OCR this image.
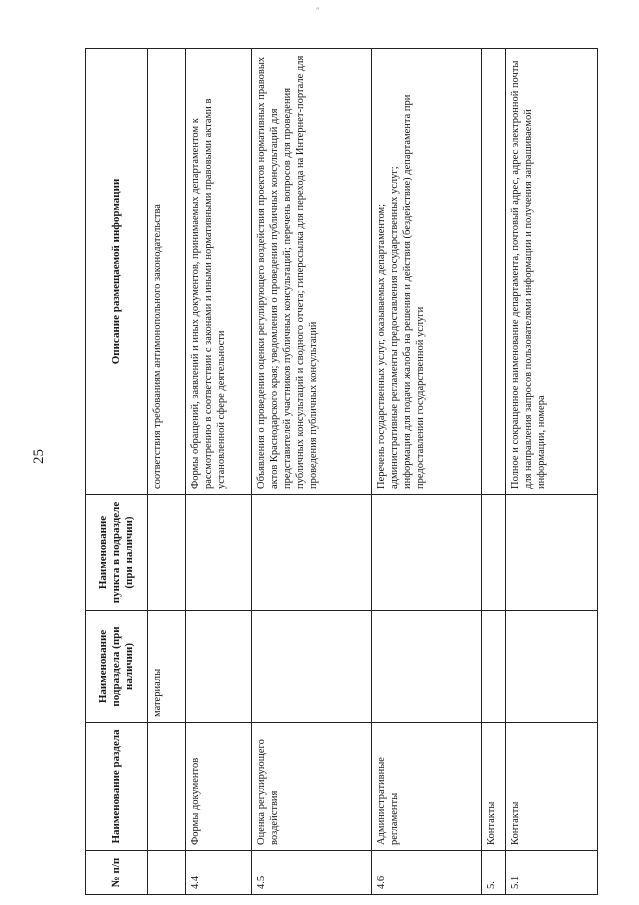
"
25
№ п/п	Наименование раздела	Наименование подраздела (при наличии)	Наименование пункта в подразделе (при наличии)	Описание размещаемой информации
		материалы		соответствия требованиям антимонопольного законодательства
4.4	Формы документов			Формы обращений, заявлений и иных документов, принимаемых департаментом к рассмотрению в соответствии с законами и иными нормативными правовыми актами в установленной сфере деятельности
4.5	Оценка регулирующего воздействия			Объявления о проведении оценки регулирующего воздействия проектов нормативных правовых актов Краснодарского края; уведомления о проведении публичных консультаций для представителей участников публичных консультаций; перечень вопросов для проведения публичных консультаций и сводного отчета; гиперссылка для перехода на Интернет-портале для проведения публичных консультаций
4.6	Административные регламенты			Перечень государственных услуг, оказываемых департаментом;
административные регламенты предоставления государственных услуг;
информация для подачи жалоба на решения и действия (бездействие) департамента при предоставлении государственной услуги
5.	Контакты			
5.1	Контакты			Полное и сокращенное наименование департамента, почтовый адрес, адрес электронной почты для направления запросов пользователями информации и получения запрашиваемой информации, номера
